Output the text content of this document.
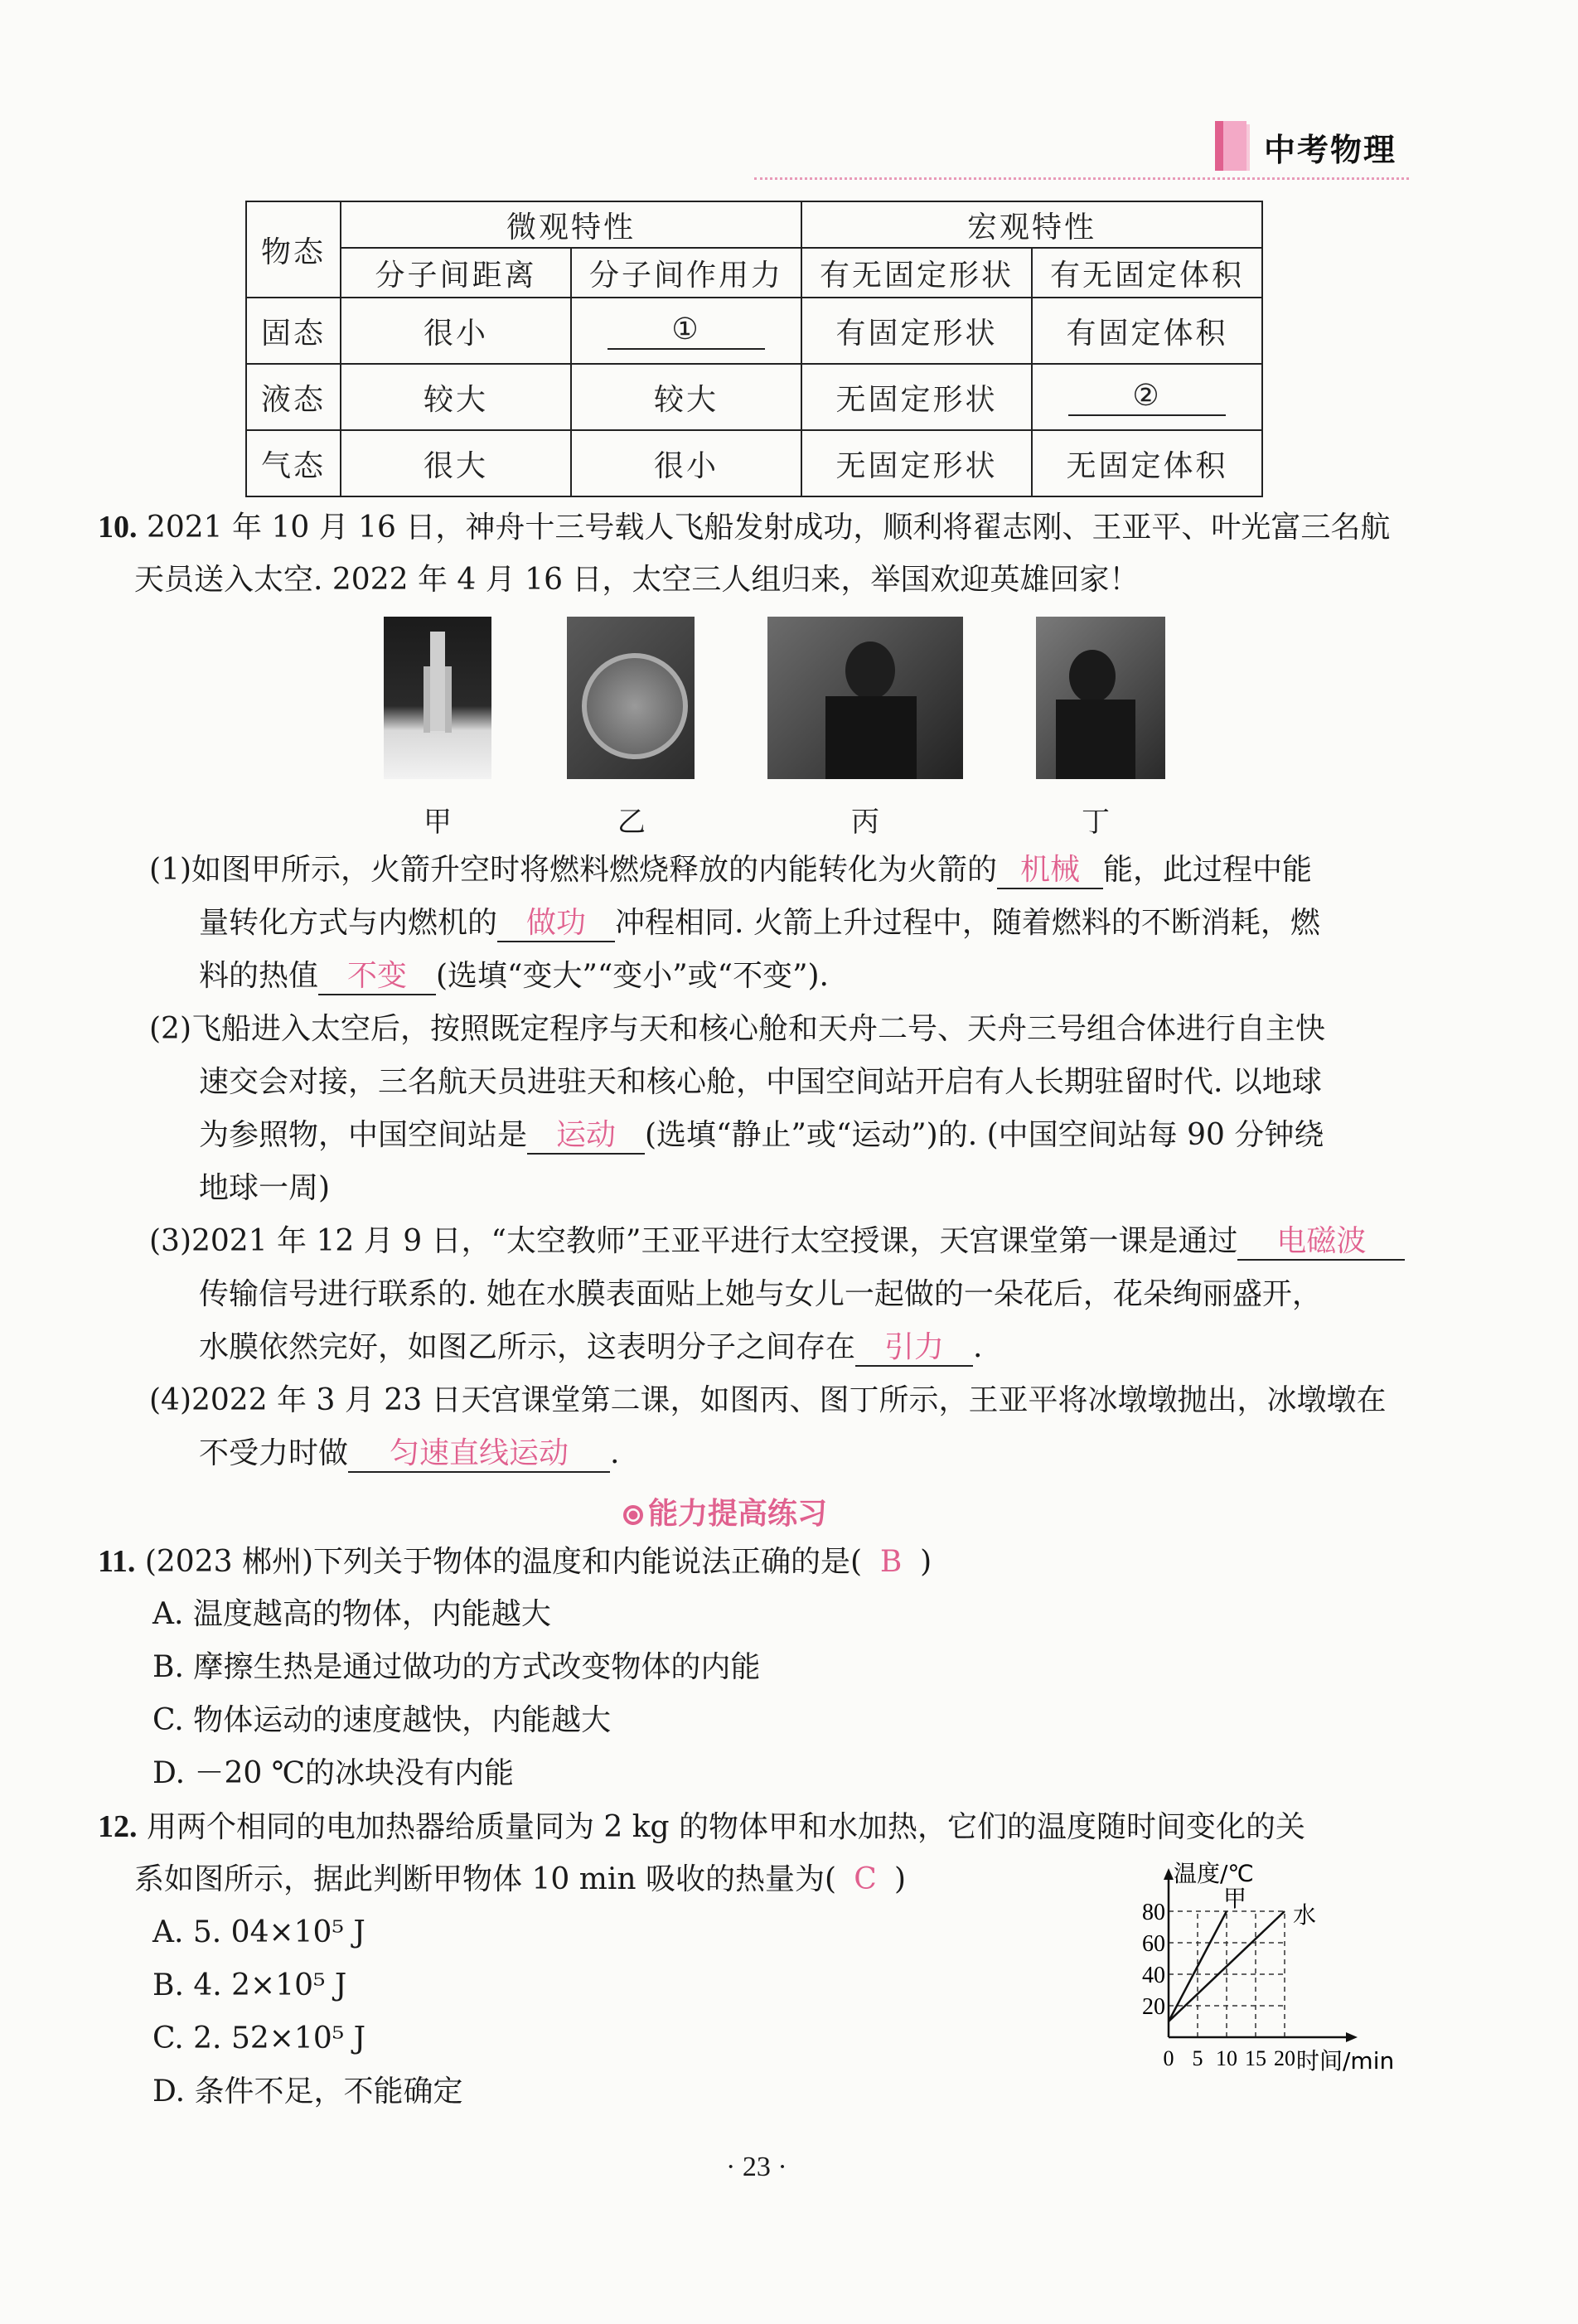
中考物理
物态	微观特性		宏观特性	
	分子间距离	分子间作用力	有无固定形状	有无固定体积
固态	很小	①	有固定形状	有固定体积
液态	较大	较大	无固定形状	②
气态	很大	很小	无固定形状	无固定体积
10. 2021 年 10 月 16 日，神舟十三号载人飞船发射成功，顺利将翟志刚、王亚平、叶光富三名航
天员送入太空. 2022 年 4 月 16 日，太空三人组归来，举国欢迎英雄回家！
甲	乙	丙	丁
(1)如图甲所示，火箭升空时将燃料燃烧释放的内能转化为火箭的 机械 能，此过程中能
量转化方式与内燃机的 做功 冲程相同. 火箭上升过程中，随着燃料的不断消耗，燃
料的热值 不变 (选填“变大”“变小”或“不变”).
(2)飞船进入太空后，按照既定程序与天和核心舱和天舟二号、天舟三号组合体进行自主快
速交会对接，三名航天员进驻天和核心舱，中国空间站开启有人长期驻留时代. 以地球
为参照物，中国空间站是 运动 (选填“静止”或“运动”)的. (中国空间站每 90 分钟绕
地球一周)
(3)2021 年 12 月 9 日，“太空教师”王亚平进行太空授课，天宫课堂第一课是通过 电磁波
传输信号进行联系的. 她在水膜表面贴上她与女儿一起做的一朵花后，花朵绚丽盛开，
水膜依然完好，如图乙所示，这表明分子之间存在 引力 .
(4)2022 年 3 月 23 日天宫课堂第二课，如图丙、图丁所示，王亚平将冰墩墩抛出，冰墩墩在
不受力时做 匀速直线运动 .
能力提高练习
11. (2023 郴州)下列关于物体的温度和内能说法正确的是( B )
A. 温度越高的物体，内能越大
B. 摩擦生热是通过做功的方式改变物体的内能
C. 物体运动的速度越快，内能越大
D. －20 ℃的冰块没有内能
12. 用两个相同的电加热器给质量同为 2 kg 的物体甲和水加热，它们的温度随时间变化的关
系如图所示，据此判断甲物体 10 min 吸收的热量为( C )
A. 5. 04×10⁵ J
B. 4. 2×10⁵ J
C. 2. 52×10⁵ J
D. 条件不足，不能确定
20
40
60
80
0 5 10 15 20
温度/℃
时间/min
甲
水
· 23 ·
